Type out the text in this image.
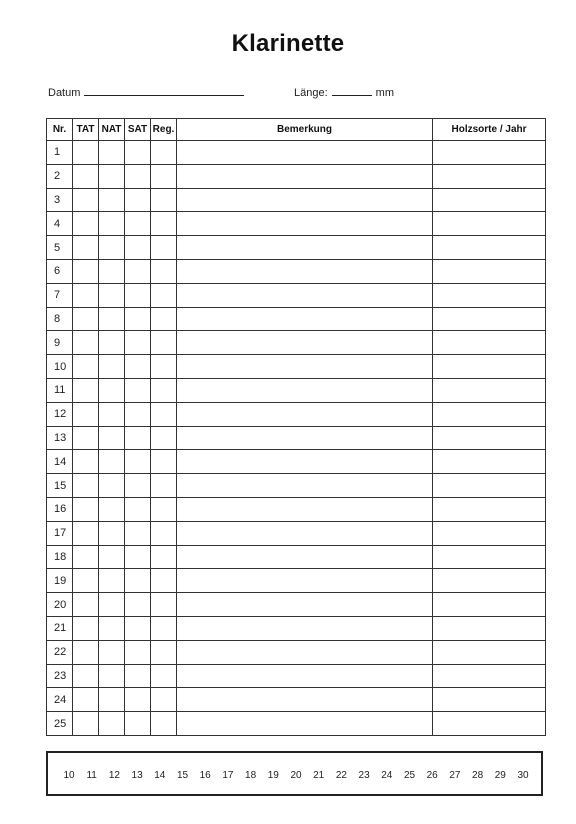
Klarinette
Datum	Länge:	mm
Nr.	TAT	NAT	SAT	Reg.	Bemerkung	Holzsorte / Jahr
1						
2						
3						
4						
5						
6						
7						
8						
9						
10						
11						
12						
13						
14						
15						
16						
17						
18						
19						
20						
21						
22						
23						
24						
25						
10 11 12 13 14 15 16 17 18 19 20 21 22 23 24 25 26 27 28 29 30
